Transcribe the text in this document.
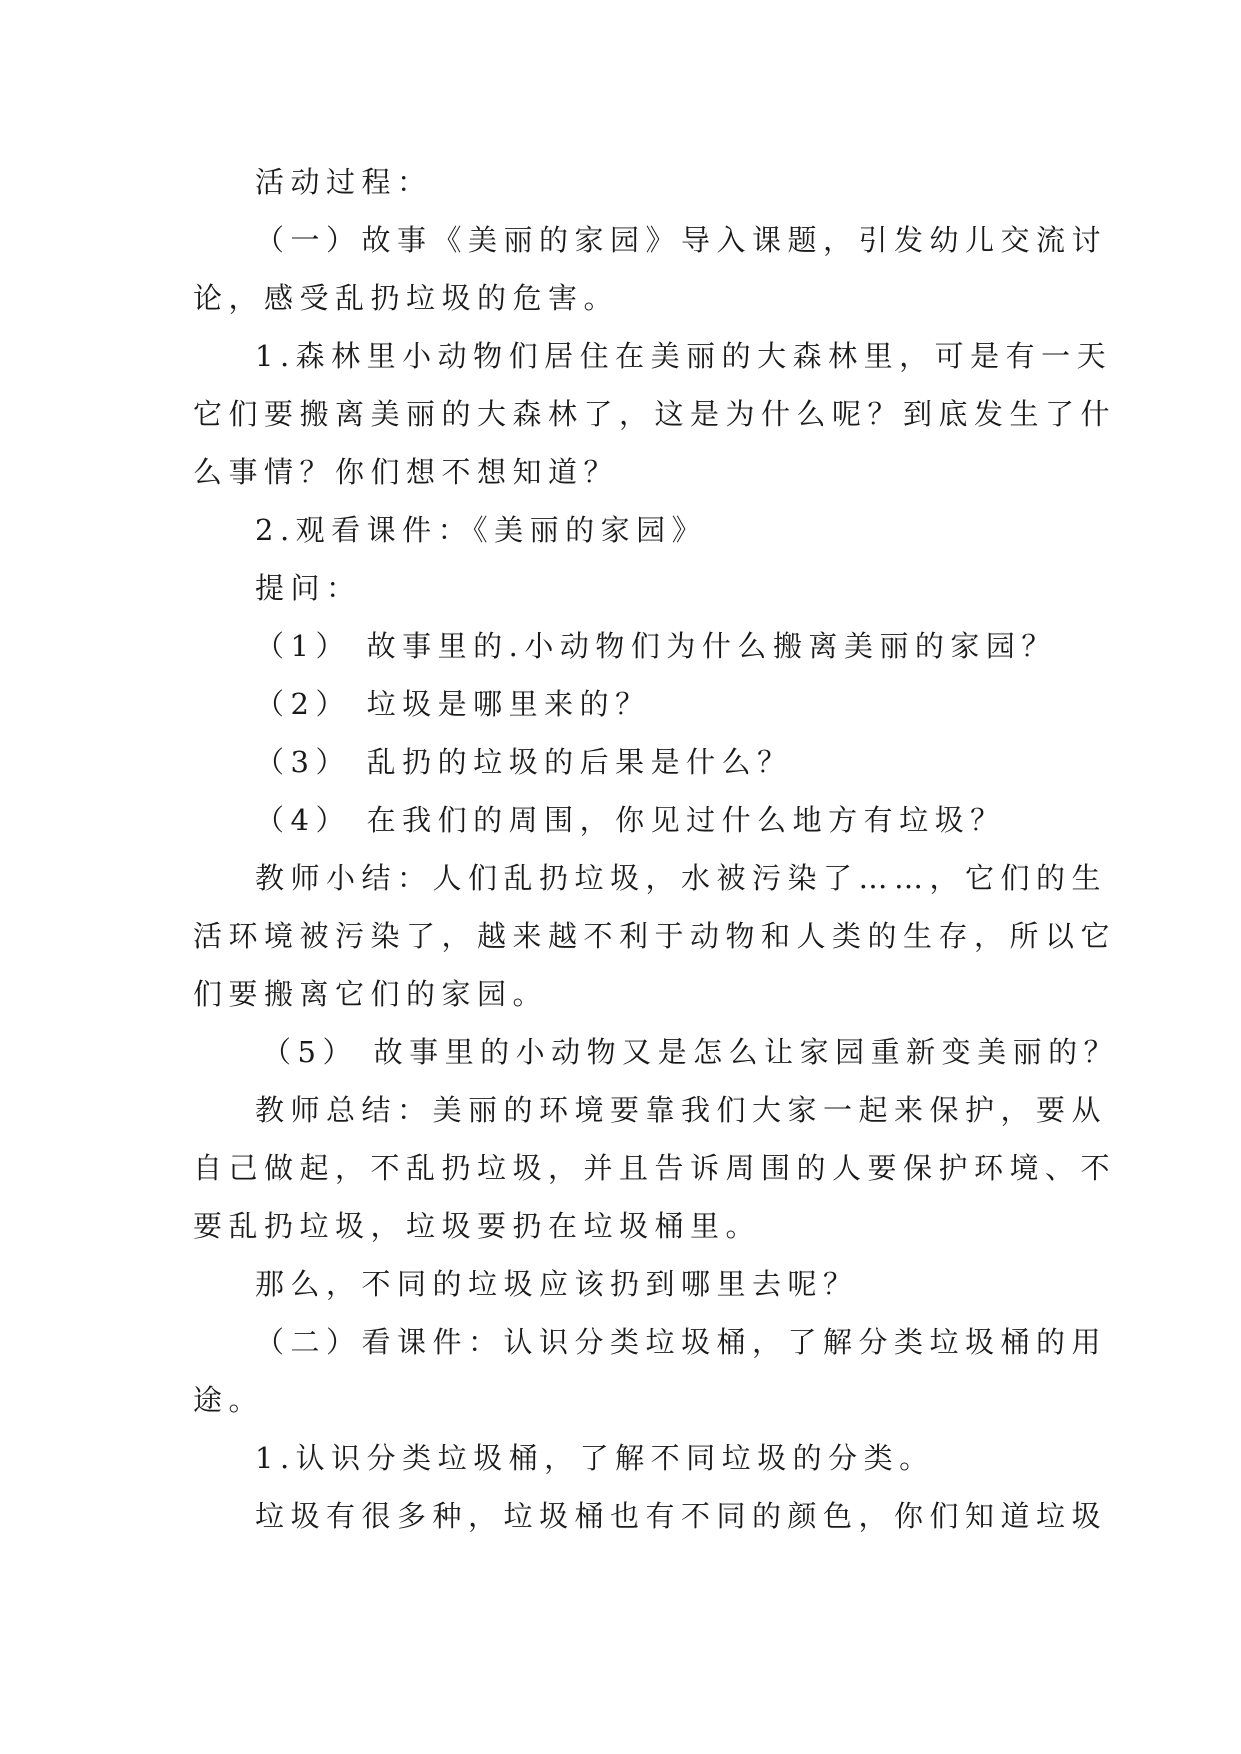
活动过程：
（一）故事《美丽的家园》导入课题，引发幼儿交流讨
论，感受乱扔垃圾的危害。
1.森林里小动物们居住在美丽的大森林里，可是有一天
它们要搬离美丽的大森林了，这是为什么呢？到底发生了什
么事情？你们想不想知道？
2.观看课件：《美丽的家园》
提问：
（1） 故事里的.小动物们为什么搬离美丽的家园？
（2） 垃圾是哪里来的？
（3） 乱扔的垃圾的后果是什么？
（4） 在我们的周围，你见过什么地方有垃圾？
教师小结：人们乱扔垃圾，水被污染了……，它们的生
活环境被污染了，越来越不利于动物和人类的生存，所以它
们要搬离它们的家园。
（5） 故事里的小动物又是怎么让家园重新变美丽的？
教师总结：美丽的环境要靠我们大家一起来保护，要从
自己做起，不乱扔垃圾，并且告诉周围的人要保护环境、不
要乱扔垃圾，垃圾要扔在垃圾桶里。
那么，不同的垃圾应该扔到哪里去呢？
（二）看课件：认识分类垃圾桶，了解分类垃圾桶的用
途。
1.认识分类垃圾桶，了解不同垃圾的分类。
垃圾有很多种，垃圾桶也有不同的颜色，你们知道垃圾
